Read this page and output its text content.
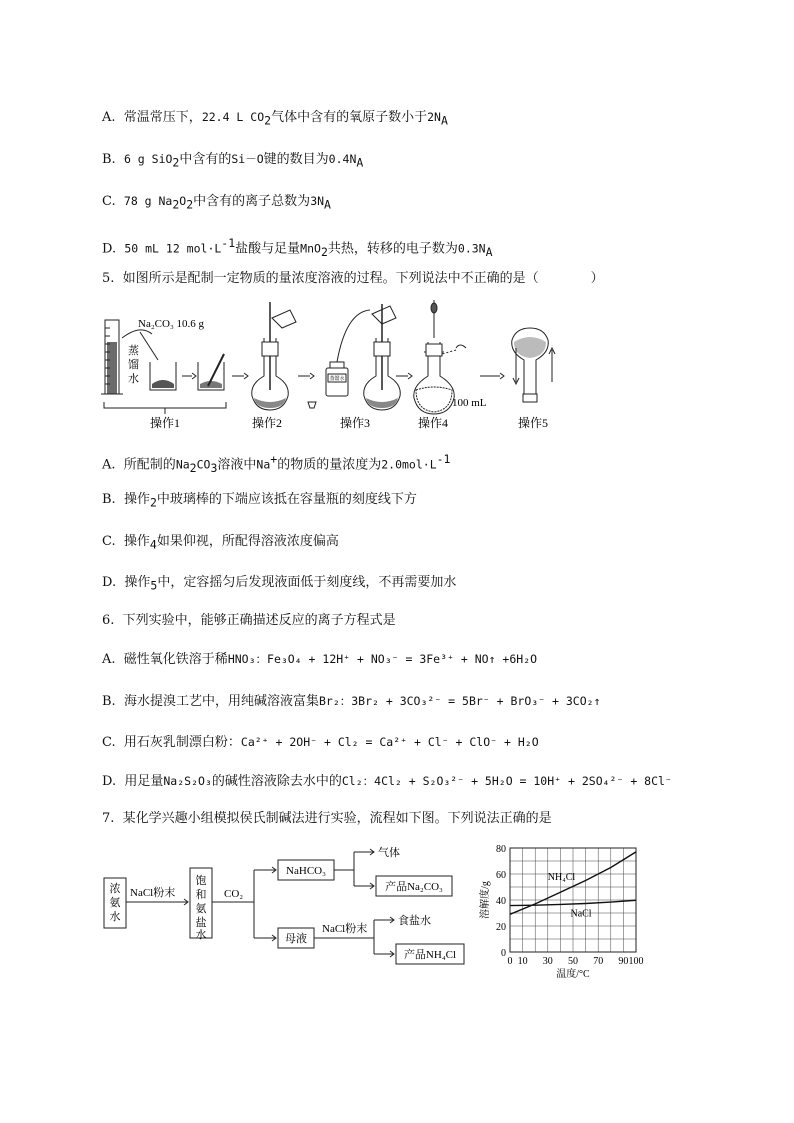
A. 常温常压下，22.4 L $CO_2$气体中含有的氧原子数小于$2N_A$
B. 6 g SiO$_2$中含有的Si－O键的数目为$0.4N_A$
C. 78 g $Na_2O_2$中含有的离子总数为$3N_A$
D. 50 mL 12 $mol\cdot L^{-1}$盐酸与足量MnO$_2$共热，转移的电子数为$0.3N_A$
5. 如图所示是配制一定物质的量浓度溶液的过程。下列说法中不正确的是（　　　　）
蒸
馏
水
Na₂CO₃ 10.6 g
操作1	操作2
蒸馏水
操作3
100 mL
操作4	操作5
A. 所配制的$Na_2CO_3$溶液中Na+的物质的量浓度为$2.0mol\cdot L^{-1}$
B. 操作$_2$中玻璃棒的下端应该抵在容量瓶的刻度线下方
C. 操作$_4$如果仰视，所配得溶液浓度偏高
D. 操作$_5$中，定容摇匀后发现液面低于刻度线，不再需要加水
6. 下列实验中，能够正确描述反应的离子方程式是
A. 磁性氧化铁溶于稀HNO₃：Fe₃O₄ + 12H⁺ + NO₃⁻ = 3Fe³⁺ + NO↑ +6H₂O
B. 海水提溴工艺中，用纯碱溶液富集Br₂：3Br₂ + 3CO₃²⁻ = 5Br⁻ + BrO₃⁻ + 3CO₂↑
C. 用石灰乳制漂白粉：Ca²⁺ + 2OH⁻ + Cl₂ = Ca²⁺ + Cl⁻ + ClO⁻ + H₂O
D. 用足量Na₂S₂O₃的碱性溶液除去水中的Cl₂：4Cl₂ + S₂O₃²⁻ + 5H₂O = 10H⁺ + 2SO₄²⁻ + 8Cl⁻
7. 某化学兴趣小组模拟侯氏制碱法进行实验，流程如下图。下列说法正确的是
浓
氨
水
NaCl粉末
饱
和
氨
盐
水
CO₂
NaHCO₃
气体
产品Na₂CO₃
母液
NaCl粉末
食盐水
产品NH₄Cl
0 10 30 50 70 90 100
0
20
40
60
80
温度/°C
溶解度/g
NH₄Cl
NaCl
